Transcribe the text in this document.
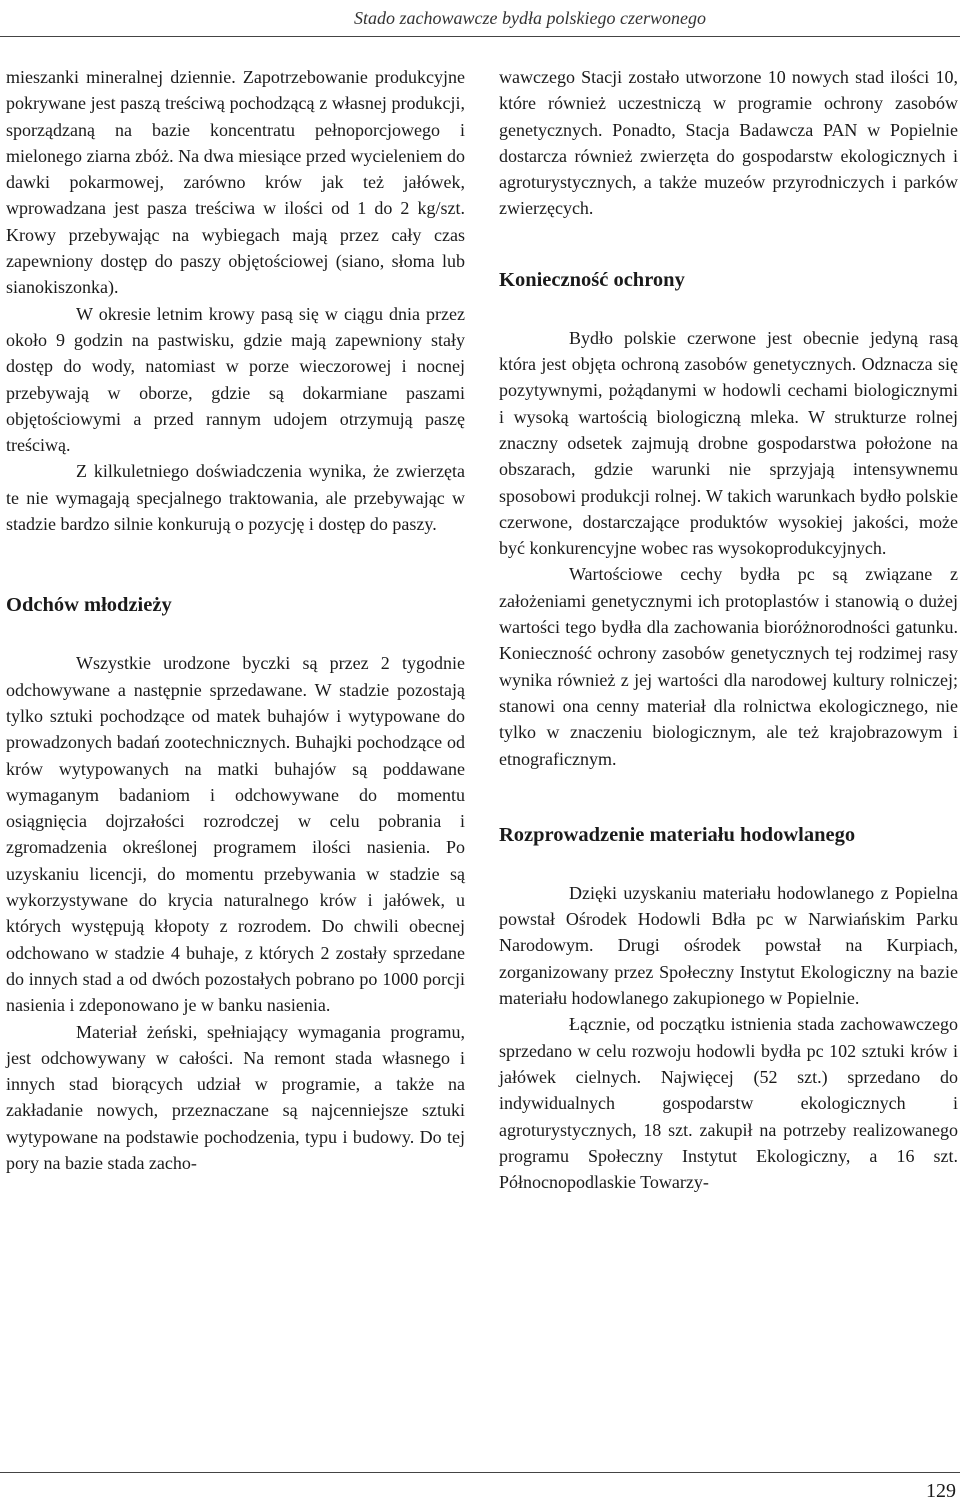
Stado zachowawcze bydła polskiego czerwonego

mieszanki mineralnej dziennie. Zapotrzebowanie produkcyjne pokrywane jest paszą treściwą pochodzącą z własnej produkcji, sporządzaną na bazie koncentratu pełnoporcjowego i mielonego ziarna zbóż. Na dwa miesiące przed wycieleniem do dawki pokarmowej, zarówno krów jak też jałówek, wprowadzana jest pasza treściwa w ilości od 1 do 2 kg/szt. Krowy przebywając na wybiegach mają przez cały czas zapewniony dostęp do paszy objętościowej (siano, słoma lub sianokiszonka).

W okresie letnim krowy pasą się w ciągu dnia przez około 9 godzin na pastwisku, gdzie mają zapewniony stały dostęp do wody, natomiast w porze wieczorowej i nocnej przebywają w oborze, gdzie są dokarmiane paszami objętościowymi a przed rannym udojem otrzymują paszę treściwą.

Z kilkuletniego doświadczenia wynika, że zwierzęta te nie wymagają specjalnego traktowania, ale przebywając w stadzie bardzo silnie konkurują o pozycję i dostęp do paszy.

Odchów młodzieży

Wszystkie urodzone byczki są przez 2 tygodnie odchowywane a następnie sprzedawane. W stadzie pozostają tylko sztuki pochodzące od matek buhajów i wytypowane do prowadzonych badań zootechnicznych. Buhajki pochodzące od krów wytypowanych na matki buhajów są poddawane wymaganym badaniom i odchowywane do momentu osiągnięcia dojrzałości rozrodczej w celu pobrania i zgromadzenia określonej programem ilości nasienia. Po uzyskaniu licencji, do momentu przebywania w stadzie są wykorzystywane do krycia naturalnego krów i jałówek, u których występują kłopoty z rozrodem. Do chwili obecnej odchowano w stadzie 4 buhaje, z których 2 zostały sprzedane do innych stad a od dwóch pozostałych pobrano po 1000 porcji nasienia i zdeponowano je w banku nasienia.

Materiał żeński, spełniający wymagania programu, jest odchowywany w całości. Na remont stada własnego i innych stad biorących udział w programie, a także na zakładanie nowych, przeznaczane są najcenniejsze sztuki wytypowane na podstawie pochodzenia, typu i budowy. Do tej pory na bazie stada zacho-

wawczego Stacji zostało utworzone 10 nowych stad ilości 10, które również uczestniczą w programie ochrony zasobów genetycznych. Ponadto, Stacja Badawcza PAN w Popielnie dostarcza również zwierzęta do gospodarstw ekologicznych i agroturystycznych, a także muzeów przyrodniczych i parków zwierzęcych.

Konieczność ochrony

Bydło polskie czerwone jest obecnie jedyną rasą która jest objęta ochroną zasobów genetycznych. Odznacza się pozytywnymi, pożądanymi w hodowli cechami biologicznymi i wysoką wartością biologiczną mleka. W strukturze rolnej znaczny odsetek zajmują drobne gospodarstwa położone na obszarach, gdzie warunki nie sprzyjają intensywnemu sposobowi produkcji rolnej. W takich warunkach bydło polskie czerwone, dostarczające produktów wysokiej jakości, może być konkurencyjne wobec ras wysokoprodukcyjnych.

Wartościowe cechy bydła pc są związane z założeniami genetycznymi ich protoplastów i stanowią o dużej wartości tego bydła dla zachowania bioróżnorodności gatunku. Konieczność ochrony zasobów genetycznych tej rodzimej rasy wynika również z jej wartości dla narodowej kultury rolniczej; stanowi ona cenny materiał dla rolnictwa ekologicznego, nie tylko w znaczeniu biologicznym, ale też krajobrazowym i etnograficznym.

Rozprowadzenie materiału hodowlanego

Dzięki uzyskaniu materiału hodowlanego z Popielna powstał Ośrodek Hodowli Bdła pc w Narwiańskim Parku Narodowym. Drugi ośrodek powstał na Kurpiach, zorganizowany przez Społeczny Instytut Ekologiczny na bazie materiału hodowlanego zakupionego w Popielnie.

Łącznie, od początku istnienia stada zachowawczego sprzedano w celu rozwoju hodowli bydła pc 102 sztuki krów i jałówek cielnych. Najwięcej (52 szt.) sprzedano do indywidualnych gospodarstw ekologicznych i agroturystycznych, 18 szt. zakupił na potrzeby realizowanego programu Społeczny Instytut Ekologiczny, a 16 szt. Północnopodlaskie Towarzy-

129
